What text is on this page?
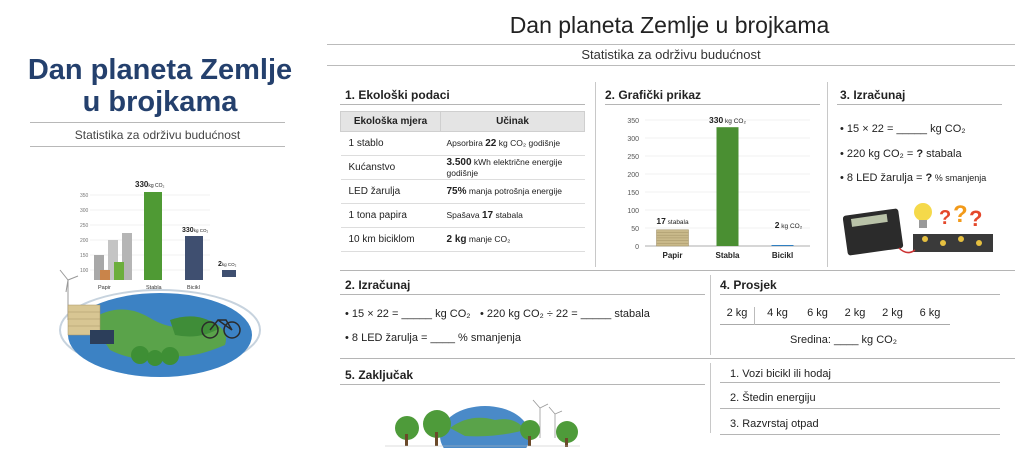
Dan planeta Zemlje
u brojkama
Statistika za održivu budućnost
350
300
250
200
150
100
330kg CO₂
330kg CO₂
2kg CO₂
Papir	Stabla	Bicikl
Dan planeta Zemlje u brojkama
Statistika za održivu budućnost
1. Ekološki podaci
Ekološka mjera	Učinak
1 stablo	Apsorbira 22 kg CO₂ godišnje
Kućanstvo	3.500 kWh električne energije godišnje
LED žarulja	75% manja potrošnja energije
1 tona papira	Spašava 17 stabala
10 km biciklom	2 kg manje CO₂
2. Grafički prikaz
0
50
100
150
200
250
300
350
Papir	Stabla	Bicikl
330 kg CO₂
17 stabala	2 kg CO₂
3. Izračunaj
• 15 × 22 = _____ kg CO₂
• 220 kg CO₂ = ? stabala
• 8 LED žarulja = ? % smanjenja
? ? ?
2. Izračunaj
• 15 × 22 = _____ kg CO₂ • 220 kg CO₂ ÷ 22 = _____ stabala
• 8 LED žarulja = ____ % smanjenja
4. Prosjek
2 kg	4 kg	6 kg	2 kg	2 kg	6 kg
Sredina: ____ kg CO₂
5. Zaključak	1. Vozi bicikl ili hodaj
2. Štedin energiju
3. Razvrstaj otpad
